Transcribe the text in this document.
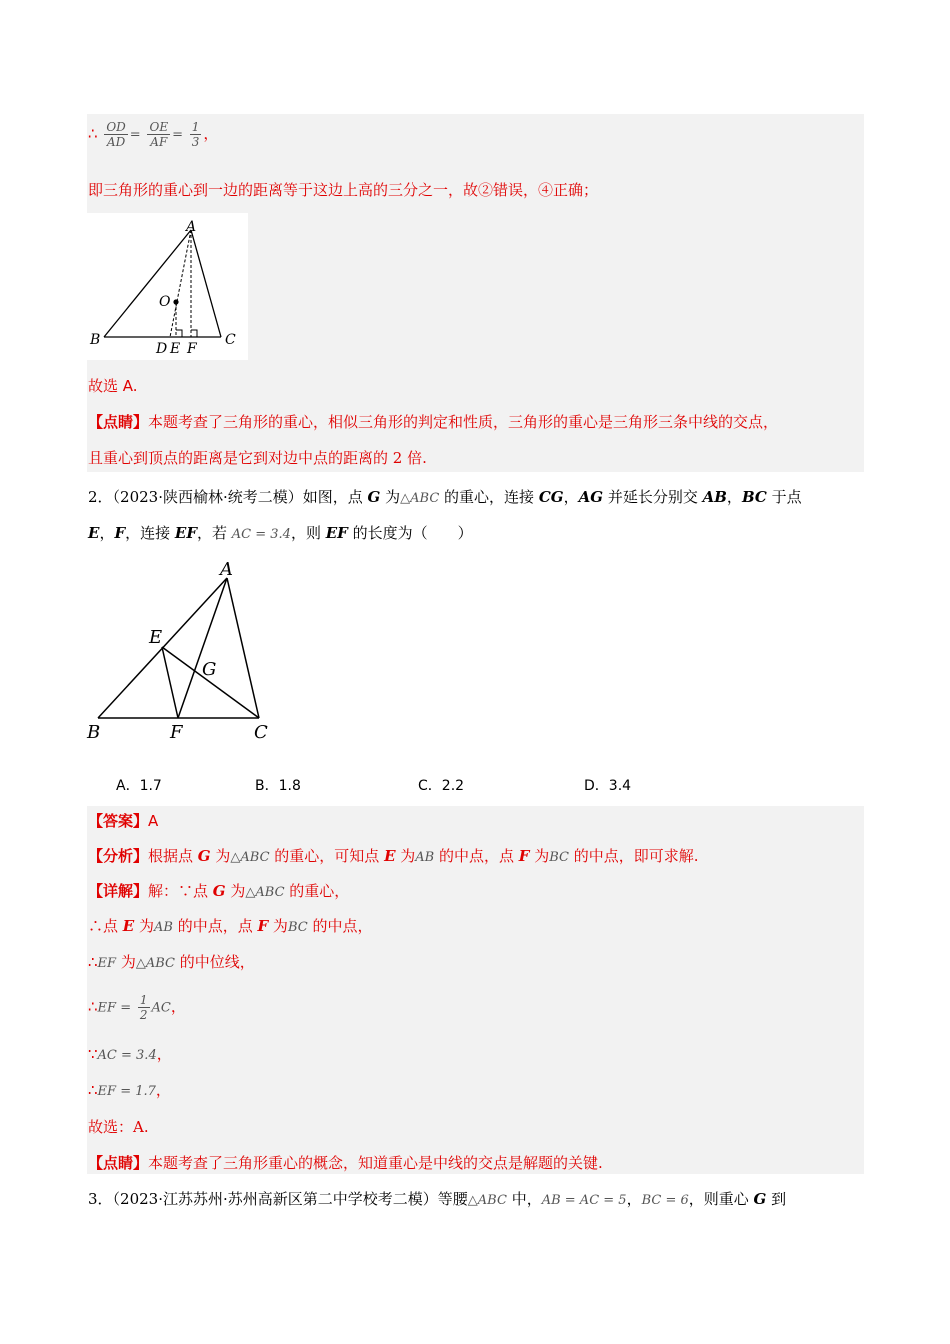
∴ $\frac{OD}{AD} = \frac{OE}{AF} = \frac{1}{3}$ ，
即三角形的重心到一边的距离等于这边上高的三分之一，故②错误，④正确；
A
O
B	C
D E F
故选 A.
【点睛】本题考查了三角形的重心，相似三角形的判定和性质，三角形的重心是三角形三条中线的交点，
且重心到顶点的距离是它到对边中点的距离的 2 倍.
2．（2023·陕西榆林·统考二模）如图，点 G 为△ABC 的重心，连接 CG，AG 并延长分别交 AB，BC 于点
E，F，连接 EF，若 AC = 3.4，则 EF 的长度为（　　）
A
E
G
B	F	C
A．1.7	B．1.8	C．2.2	D．3.4
【答案】A
【分析】根据点 G 为△ABC 的重心，可知点 E 为AB 的中点，点 F 为BC 的中点，即可求解.
【详解】解：∵点 G 为△ABC 的重心，
∴点 E 为AB 的中点，点 F 为BC 的中点，
∴EF 为△ABC 的中位线，
∴EF = $\frac{1}{2}$ AC，
∵AC = 3.4，
∴EF = 1.7，
故选：A.
【点睛】本题考查了三角形重心的概念，知道重心是中线的交点是解题的关键.
3．（2023·江苏苏州·苏州高新区第二中学校考二模）等腰△ABC 中，AB = AC = 5，BC = 6，则重心 G 到
